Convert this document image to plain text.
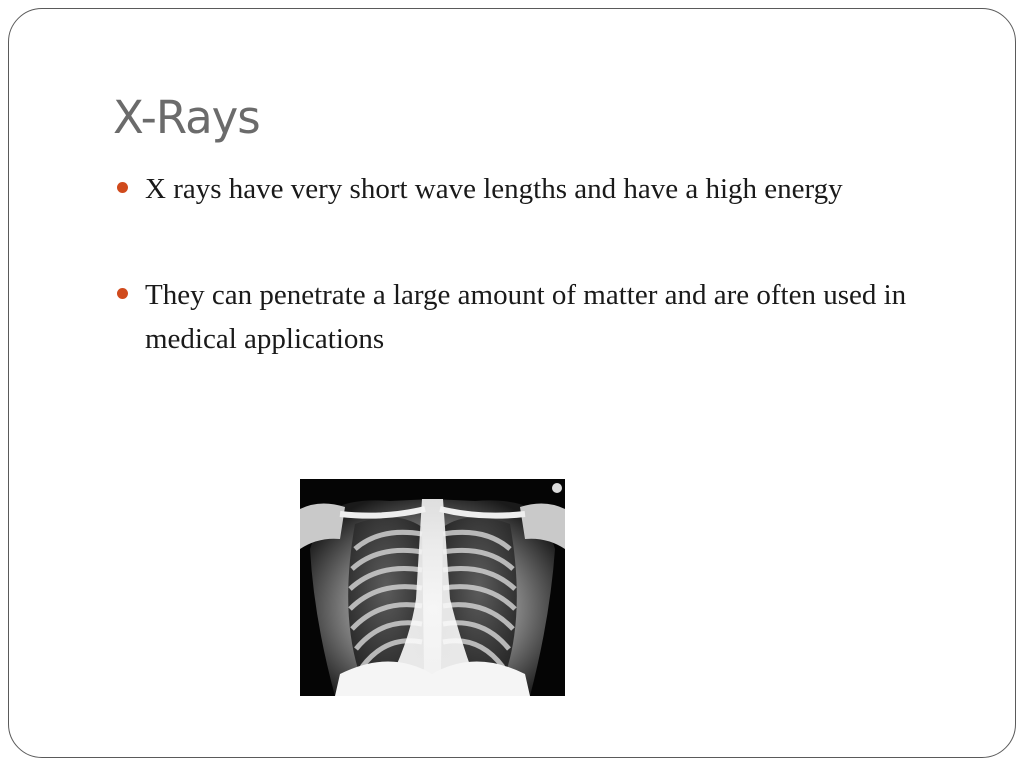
X-Rays
X rays have very short wave lengths and have a high energy
They can penetrate a large amount of matter and are often used in medical applications
